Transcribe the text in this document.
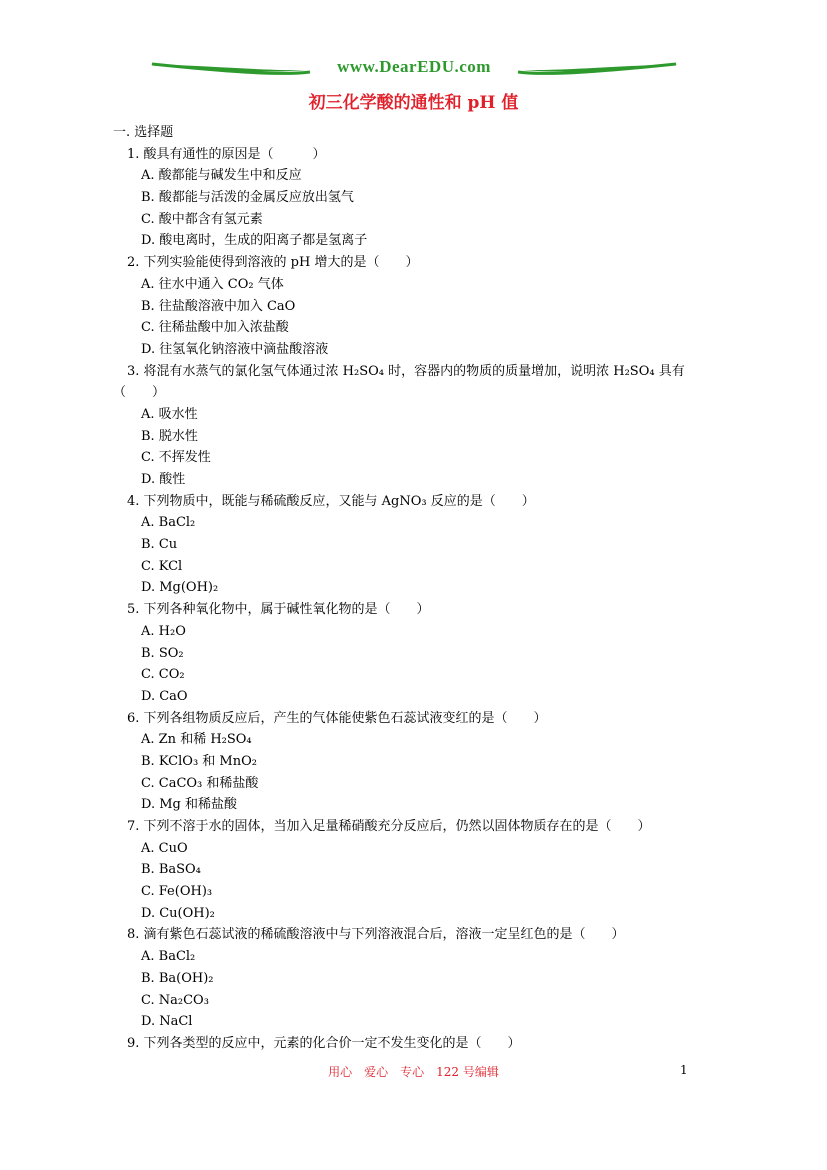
www.DearEDU.com
初三化学酸的通性和 pH 值
一. 选择题
1. 酸具有通性的原因是（　　　）
A. 酸都能与碱发生中和反应
B. 酸都能与活泼的金属反应放出氢气
C. 酸中都含有氢元素
D. 酸电离时，生成的阳离子都是氢离子
2. 下列实验能使得到溶液的 pH 增大的是（　　）
A. 往水中通入 CO₂ 气体
B. 往盐酸溶液中加入 CaO
C. 往稀盐酸中加入浓盐酸
D. 往氢氧化钠溶液中滴盐酸溶液
3. 将混有水蒸气的氯化氢气体通过浓 H₂SO₄ 时，容器内的物质的质量增加，说明浓 H₂SO₄ 具有（　　）
A. 吸水性
B. 脱水性
C. 不挥发性
D. 酸性
4. 下列物质中，既能与稀硫酸反应，又能与 AgNO₃ 反应的是（　　）
A. BaCl₂
B. Cu
C. KCl
D. Mg(OH)₂
5. 下列各种氧化物中，属于碱性氧化物的是（　　）
A. H₂O
B. SO₂
C. CO₂
D. CaO
6. 下列各组物质反应后，产生的气体能使紫色石蕊试液变红的是（　　）
A. Zn 和稀 H₂SO₄
B. KClO₃ 和 MnO₂
C. CaCO₃ 和稀盐酸
D. Mg 和稀盐酸
7. 下列不溶于水的固体，当加入足量稀硝酸充分反应后，仍然以固体物质存在的是（　　）
A. CuO
B. BaSO₄
C. Fe(OH)₃
D. Cu(OH)₂
8. 滴有紫色石蕊试液的稀硫酸溶液中与下列溶液混合后，溶液一定呈红色的是（　　）
A. BaCl₂
B. Ba(OH)₂
C. Na₂CO₃
D. NaCl
9. 下列各类型的反应中，元素的化合价一定不发生变化的是（　　）
用心　爱心　专心　122 号编辑	1
